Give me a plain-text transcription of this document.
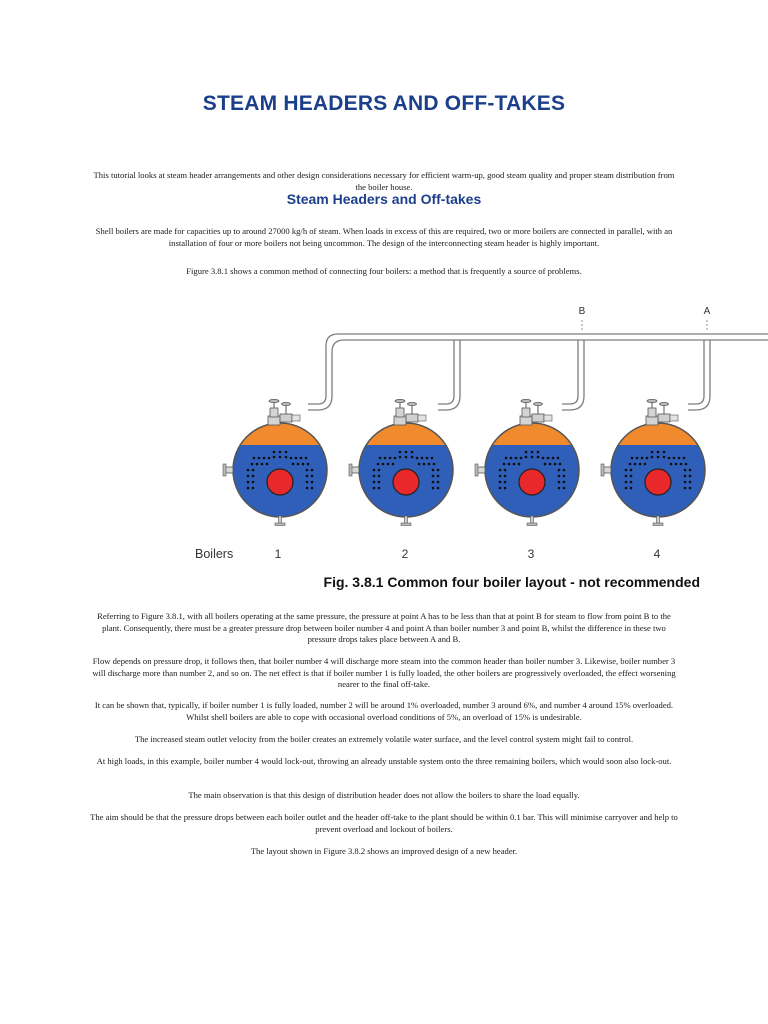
STEAM HEADERS AND OFF-TAKES

This tutorial looks at steam header arrangements and other design considerations necessary for efficient warm-up, good steam quality and proper steam distribution from the boiler house.

Steam Headers and Off-takes

Shell boilers are made for capacities up to around 27000 kg/h of steam. When loads in excess of this are required, two or more boilers are connected in parallel, with an installation of four or more boilers not being uncommon. The design of the interconnecting steam header is highly important.

Figure 3.8.1 shows a common method of connecting four boilers: a method that is frequently a source of problems.

B	A
Boilers	1	2	3	4
Fig. 3.8.1 Common four boiler layout - not recommended

Referring to Figure 3.8.1, with all boilers operating at the same pressure, the pressure at point A has to be less than that at point B for steam to flow from point B to the plant. Consequently, there must be a greater pressure drop between boiler number 4 and point A than boiler number 3 and point B, whilst the difference in these two pressure drops takes place between A and B.

Flow depends on pressure drop, it follows then, that boiler number 4 will discharge more steam into the common header than boiler number 3. Likewise, boiler number 3 will discharge more than number 2, and so on. The net effect is that if boiler number 1 is fully loaded, the other boilers are progressively overloaded, the effect worsening nearer to the final off-take.

It can be shown that, typically, if boiler number 1 is fully loaded, number 2 will be around 1% overloaded, number 3 around 6%, and number 4 around 15% overloaded. Whilst shell boilers are able to cope with occasional overload conditions of 5%, an overload of 15% is undesirable.

The increased steam outlet velocity from the boiler creates an extremely volatile water surface, and the level control system might fail to control.

At high loads, in this example, boiler number 4 would lock-out, throwing an already unstable system onto the three remaining boilers, which would soon also lock-out.

The main observation is that this design of distribution header does not allow the boilers to share the load equally.

The aim should be that the pressure drops between each boiler outlet and the header off-take to the plant should be within 0.1 bar. This will minimise carryover and help to prevent overload and lockout of boilers.

The layout shown in Figure 3.8.2 shows an improved design of a new header.
